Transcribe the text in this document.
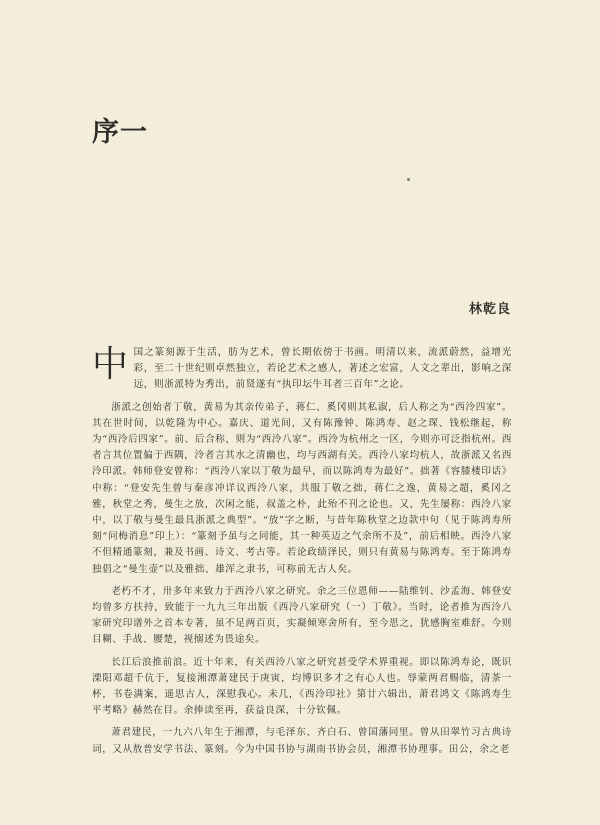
序一
林乾良

中国之篆刻源于生活，肪为艺术，曾长期依傍于书画。明清以来，流派蔚然，益增光彩，至二十世纪则卓然独立，若论艺术之感人，著述之宏富，人文之辈出，影响之深远，则浙派特为秀出，前贤遂有“执印坛牛耳者三百年”之论。

浙派之创始者丁敬，黄易为其亲传弟子，蒋仁、奚冈则其私淑，后人称之为“西泠四家”。其在世时间，以乾隆为中心。嘉庆、道光间，又有陈豫钟、陈鸿寿、赵之琛、钱松继起，称为“西泠后四家”。前、后合称，则为“西泠八家”。西泠为杭州之一区，今则亦可泛指杭州。西者言其位置偏于西隅，泠者言其水之清幽也，均与西湖有关。西泠八家均杭人，故浙派又名西泠印派。韩师登安曾称：“西泠八家以丁敬为最早，而以陈鸿寿为最好”。拙著《容膝楼印话》中称：“登安先生曾与秦彦冲详议西泠八家，共服丁敬之拙，蒋仁之逸，黄易之超，奚冈之雅，秋堂之秀，曼生之放，次闲之能，叔盖之朴，此殆不刊之论也。又，先生屡称：西泠八家中，以丁敬与曼生最具浙派之典型”。“放”字之断，与昔年陈秋堂之边款中句（见于陈鸿寿所刻“问梅消息”印上）：“篆刻予虽与之同能，其一种英迈之气余所不及”，前后相映。西泠八家不但精通篆刻，兼及书画、诗文、考古等。若论政绩泽民，则只有黄易与陈鸿寿。至于陈鸿寿独倡之“曼生壶”以及雅拙、雄浑之隶书，可称前无古人矣。

老朽不才，卅多年来致力于西泠八家之研究。余之三位恩师——陆维钊、沙孟海、韩登安均曾多方扶持，致能于一九九三年出版《西泠八家研究（一）丁敬》。当时，论者推为西泠八家研究印谱外之首本专著，虽不足两百页，实凝倾寒舍所有，至今思之，犹感胸室难舒。今则目糊、手战、腰楚，视搦述为畏途矣。

长江后浪推前浪。近十年来，有关西泠八家之研究甚受学术界重视。即以陈鸿寿论，既识溧阳邓超千伉于，复接湘潭萧建民于庚寅，均博识多才之有心人也。辱蒙两君赐临，清茶一杯，书卷满案，遥思古人，深慰我心。未几，《西泠印社》第廿六辑出，萧君鸿文《陈鸿寿生平考略》赫然在目。余捧读至再，获益良深，十分钦佩。

萧君建民，一九六八年生于湘潭，与毛泽东、齐白石、曾国藩同里。曾从田翠竹习古典诗词，又从敖普安学书法、篆刻。今为中国书协与湖南书协会员，湘潭书协理事。田公，余之老
